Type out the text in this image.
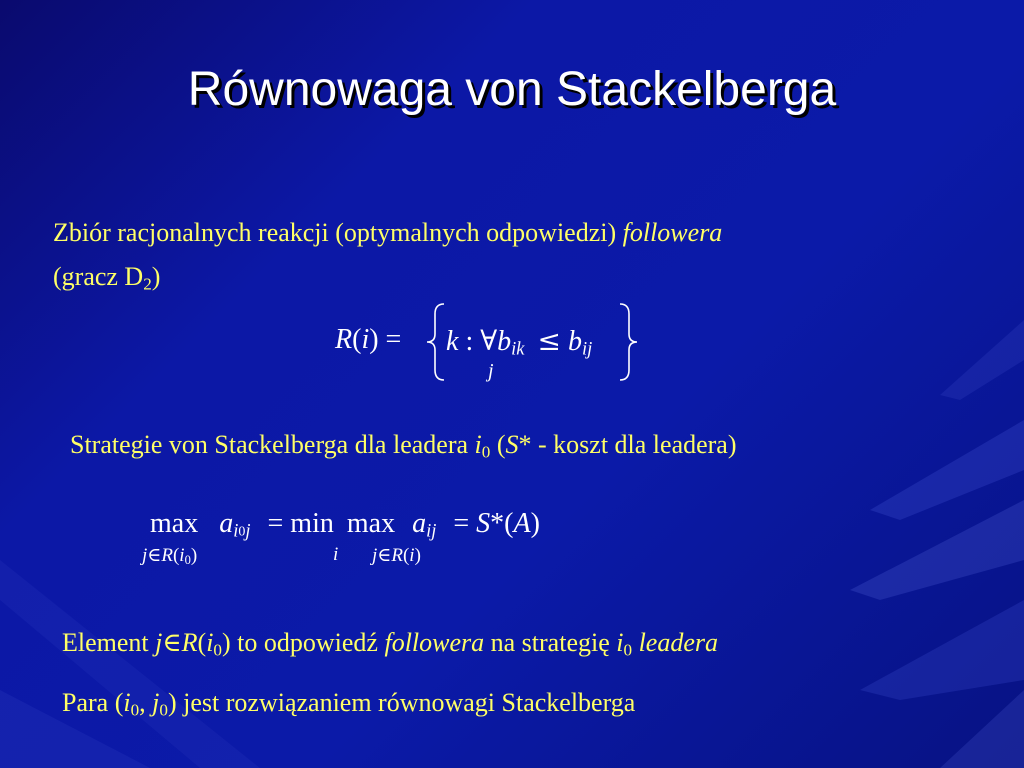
Równowaga von Stackelberga
Zbiór racjonalnych reakcji (optymalnych odpowiedzi) followera
(gracz $D_2$)
R(i) = k : $\forall b_{ik} \le b_{ij}$
j
Strategie von Stackelberga dla leadera $i_0$ (S* - koszt dla leadera)
$\max a_{i0j} = \min \max a_{ij} = S*(A)$
$j\in R(i_0)$	i j∈R(i)
Element $j\in R(i_0)$ to odpowiedź followera na strategię $i_0$ leadera
Para ($i_0$, $j_0$) jest rozwiązaniem równowagi Stackelberga
